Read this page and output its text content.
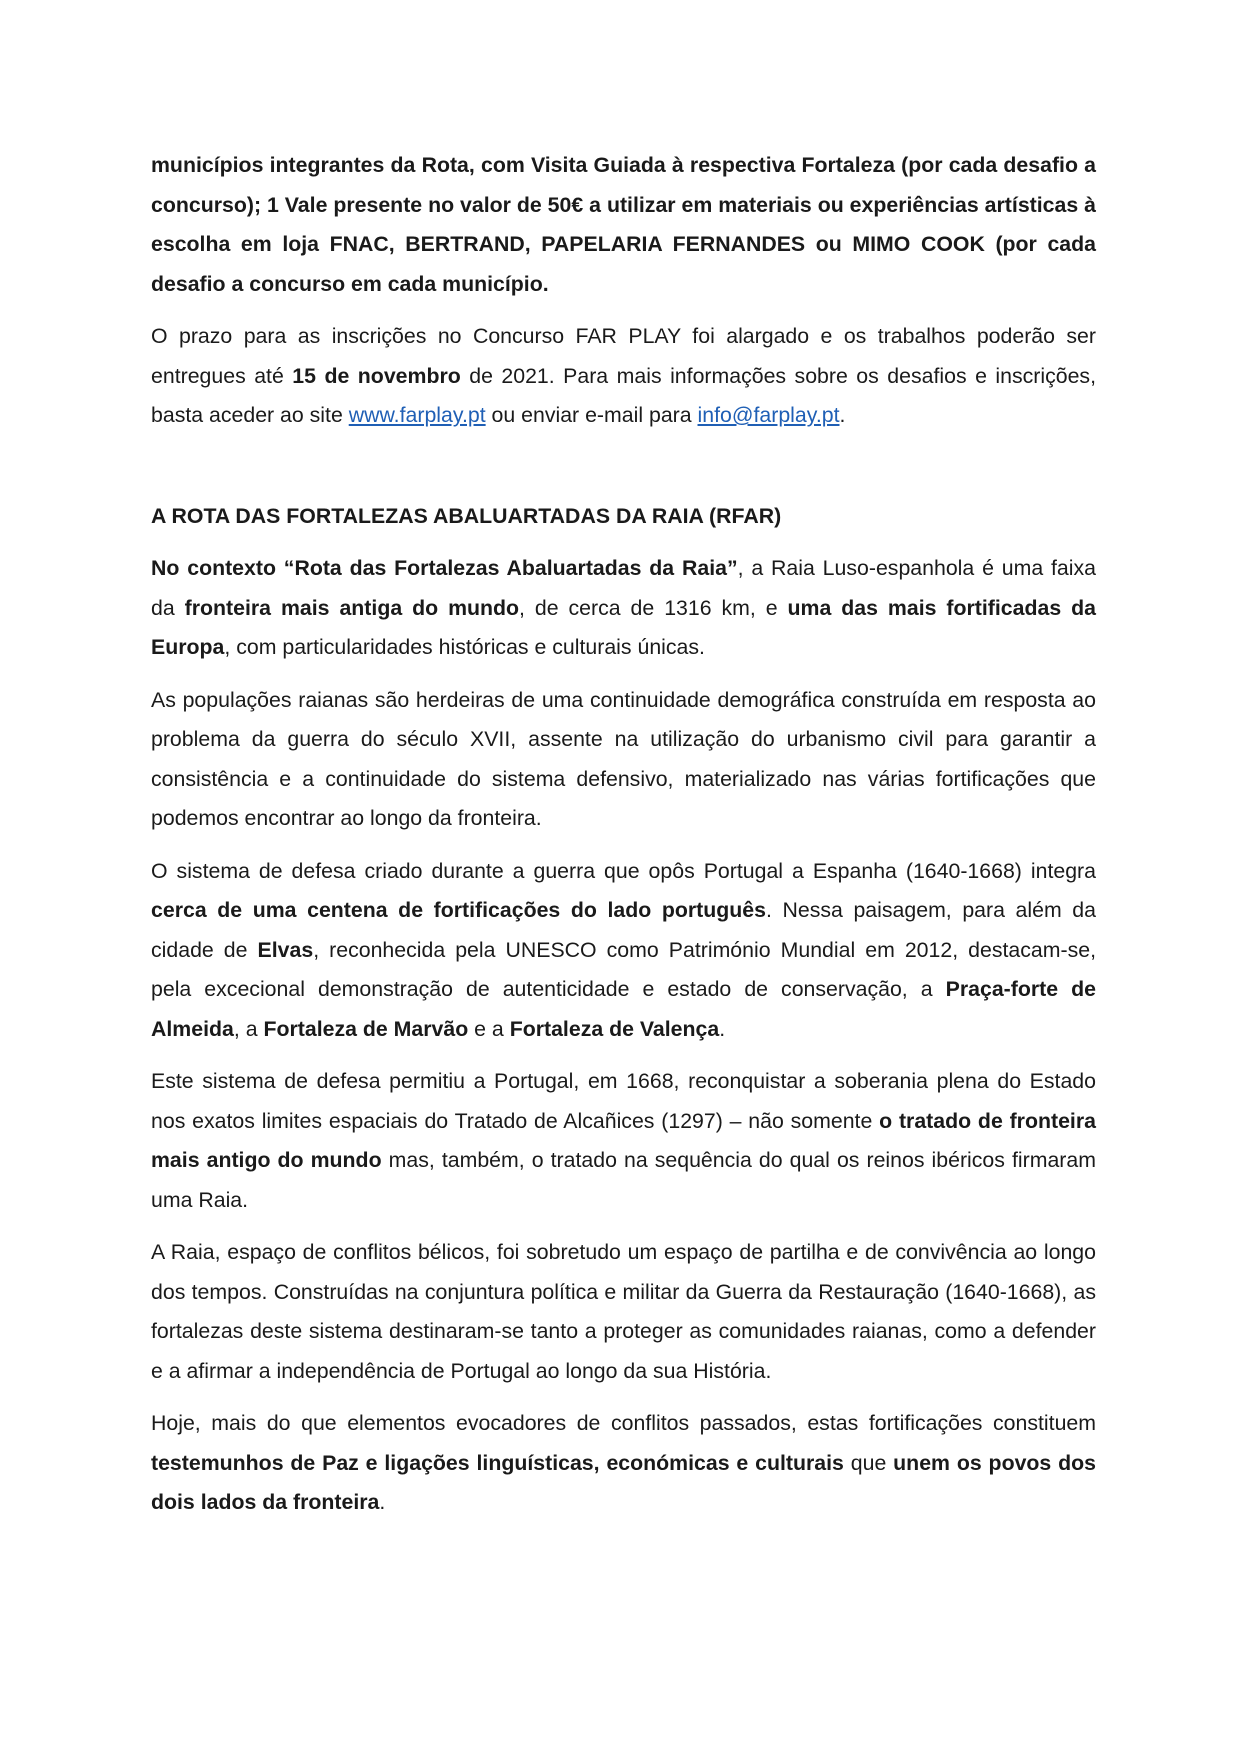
municípios integrantes da Rota, com Visita Guiada à respectiva Fortaleza (por cada desafio a concurso); 1 Vale presente no valor de 50€ a utilizar em materiais ou experiências artísticas à escolha em loja FNAC, BERTRAND, PAPELARIA FERNANDES ou MIMO COOK (por cada desafio a concurso em cada município.

O prazo para as inscrições no Concurso FAR PLAY foi alargado e os trabalhos poderão ser entregues até 15 de novembro de 2021. Para mais informações sobre os desafios e inscrições, basta aceder ao site www.farplay.pt ou enviar e-mail para info@farplay.pt.

A ROTA DAS FORTALEZAS ABALUARTADAS DA RAIA (RFAR)

No contexto “Rota das Fortalezas Abaluartadas da Raia”, a Raia Luso-espanhola é uma faixa da fronteira mais antiga do mundo, de cerca de 1316 km, e uma das mais fortificadas da Europa, com particularidades históricas e culturais únicas.

As populações raianas são herdeiras de uma continuidade demográfica construída em resposta ao problema da guerra do século XVII, assente na utilização do urbanismo civil para garantir a consistência e a continuidade do sistema defensivo, materializado nas várias fortificações que podemos encontrar ao longo da fronteira.

O sistema de defesa criado durante a guerra que opôs Portugal a Espanha (1640-1668) integra cerca de uma centena de fortificações do lado português. Nessa paisagem, para além da cidade de Elvas, reconhecida pela UNESCO como Património Mundial em 2012, destacam-se, pela excecional demonstração de autenticidade e estado de conservação, a Praça-forte de Almeida, a Fortaleza de Marvão e a Fortaleza de Valença.

Este sistema de defesa permitiu a Portugal, em 1668, reconquistar a soberania plena do Estado nos exatos limites espaciais do Tratado de Alcañices (1297) – não somente o tratado de fronteira mais antigo do mundo mas, também, o tratado na sequência do qual os reinos ibéricos firmaram uma Raia.

A Raia, espaço de conflitos bélicos, foi sobretudo um espaço de partilha e de convivência ao longo dos tempos. Construídas na conjuntura política e militar da Guerra da Restauração (1640-1668), as fortalezas deste sistema destinaram-se tanto a proteger as comunidades raianas, como a defender e a afirmar a independência de Portugal ao longo da sua História.

Hoje, mais do que elementos evocadores de conflitos passados, estas fortificações constituem testemunhos de Paz e ligações linguísticas, económicas e culturais que unem os povos dos dois lados da fronteira.
